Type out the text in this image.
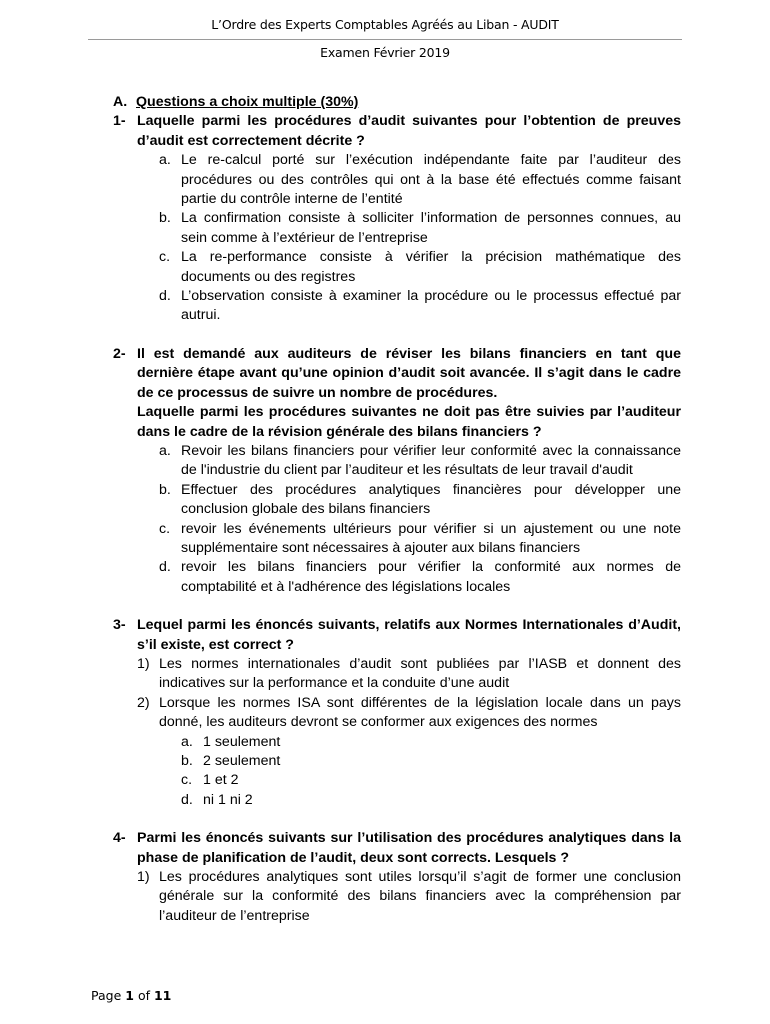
L’Ordre des Experts Comptables Agréés au Liban - AUDIT
Examen Février 2019
A. Questions a choix multiple (30%)
1- Laquelle parmi les procédures d’audit suivantes pour l’obtention de preuves d’audit est correctement décrite ?
a. Le re-calcul porté sur l’exécution indépendante faite par l’auditeur des procédures ou des contrôles qui ont à la base été effectués comme faisant partie du contrôle interne de l’entité
b. La confirmation consiste à solliciter l’information de personnes connues, au sein comme à l’extérieur de l’entreprise
c. La re-performance consiste à vérifier la précision mathématique des documents ou des registres
d. L’observation consiste à examiner la procédure ou le processus effectué par autrui.
2- Il est demandé aux auditeurs de réviser les bilans financiers en tant que dernière étape avant qu’une opinion d’audit soit avancée. Il s’agit dans le cadre de ce processus de suivre un nombre de procédures.
Laquelle parmi les procédures suivantes ne doit pas être suivies par l’auditeur dans le cadre de la révision générale des bilans financiers ?
a. Revoir les bilans financiers pour vérifier leur conformité avec la connaissance de l'industrie du client par l’auditeur et les résultats de leur travail d'audit
b. Effectuer des procédures analytiques financières pour développer une conclusion globale des bilans financiers
c. revoir les événements ultérieurs pour vérifier si un ajustement ou une note supplémentaire sont nécessaires à ajouter aux bilans financiers
d. revoir les bilans financiers pour vérifier la conformité aux normes de comptabilité et à l'adhérence des législations locales
3- Lequel parmi les énoncés suivants, relatifs aux Normes Internationales d’Audit, s’il existe, est correct ?
1) Les normes internationales d’audit sont publiées par l’IASB et donnent des indicatives sur la performance et la conduite d’une audit
2) Lorsque les normes ISA sont différentes de la législation locale dans un pays donné, les auditeurs devront se conformer aux exigences des normes
a. 1 seulement
b. 2 seulement
c. 1 et 2
d. ni 1 ni 2
4- Parmi les énoncés suivants sur l’utilisation des procédures analytiques dans la phase de planification de l’audit, deux sont corrects. Lesquels ?
1) Les procédures analytiques sont utiles lorsqu’il s’agit de former une conclusion générale sur la conformité des bilans financiers avec la compréhension par l’auditeur de l’entreprise
Page 1 of 11
